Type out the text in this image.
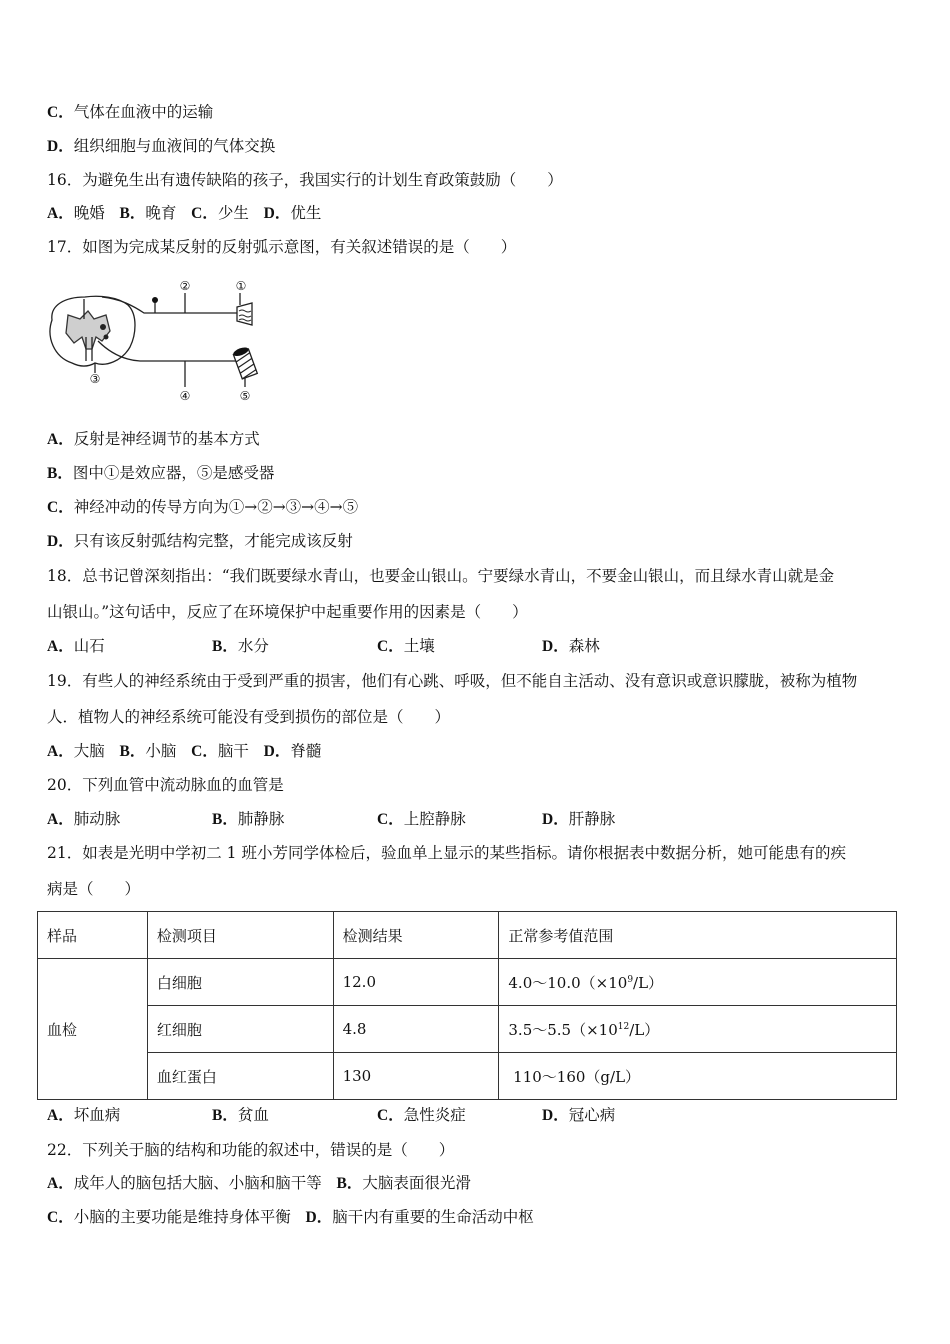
C．气体在血液中的运输
D．组织细胞与血液间的气体交换
16．为避免生出有遗传缺陷的孩子，我国实行的计划生育政策鼓励（　　）
A．晚婚 B．晚育 C．少生 D．优生
17．如图为完成某反射的反射弧示意图，有关叙述错误的是（　　）
②	①
③
④	⑤
A．反射是神经调节的基本方式
B．图中①是效应器，⑤是感受器
C．神经冲动的传导方向为①→②→③→④→⑤
D．只有该反射弧结构完整，才能完成该反射
18．总书记曾深刻指出：“我们既要绿水青山，也要金山银山。宁要绿水青山，不要金山银山，而且绿水青山就是金
山银山。”这句话中，反应了在环境保护中起重要作用的因素是（　　）
A．山石	B．水分	C．土壤	D．森林
19．有些人的神经系统由于受到严重的损害，他们有心跳、呼吸，但不能自主活动、没有意识或意识朦胧，被称为植物
人．植物人的神经系统可能没有受到损伤的部位是（　　）
A．大脑 B．小脑 C．脑干 D．脊髓
20．下列血管中流动脉血的血管是
A．肺动脉	B．肺静脉	C．上腔静脉	D．肝静脉
21．如表是光明中学初二 1 班小芳同学体检后，验血单上显示的某些指标。请你根据表中数据分析，她可能患有的疾
病是（　　）
样品	检测项目	检测结果	正常参考值范围
血检	白细胞	12.0	$4.0\sim 10.0(\times 10^9/L)$
	红细胞	4.8	$3.5\sim 5.5(\times 10^{12}/L)$
	血红蛋白	130	110～160（g/L）
A．坏血病	B．贫血	C．急性炎症	D．冠心病
22．下列关于脑的结构和功能的叙述中，错误的是（　　）
A．成年人的脑包括大脑、小脑和脑干等 B．大脑表面很光滑
C．小脑的主要功能是维持身体平衡 D．脑干内有重要的生命活动中枢
